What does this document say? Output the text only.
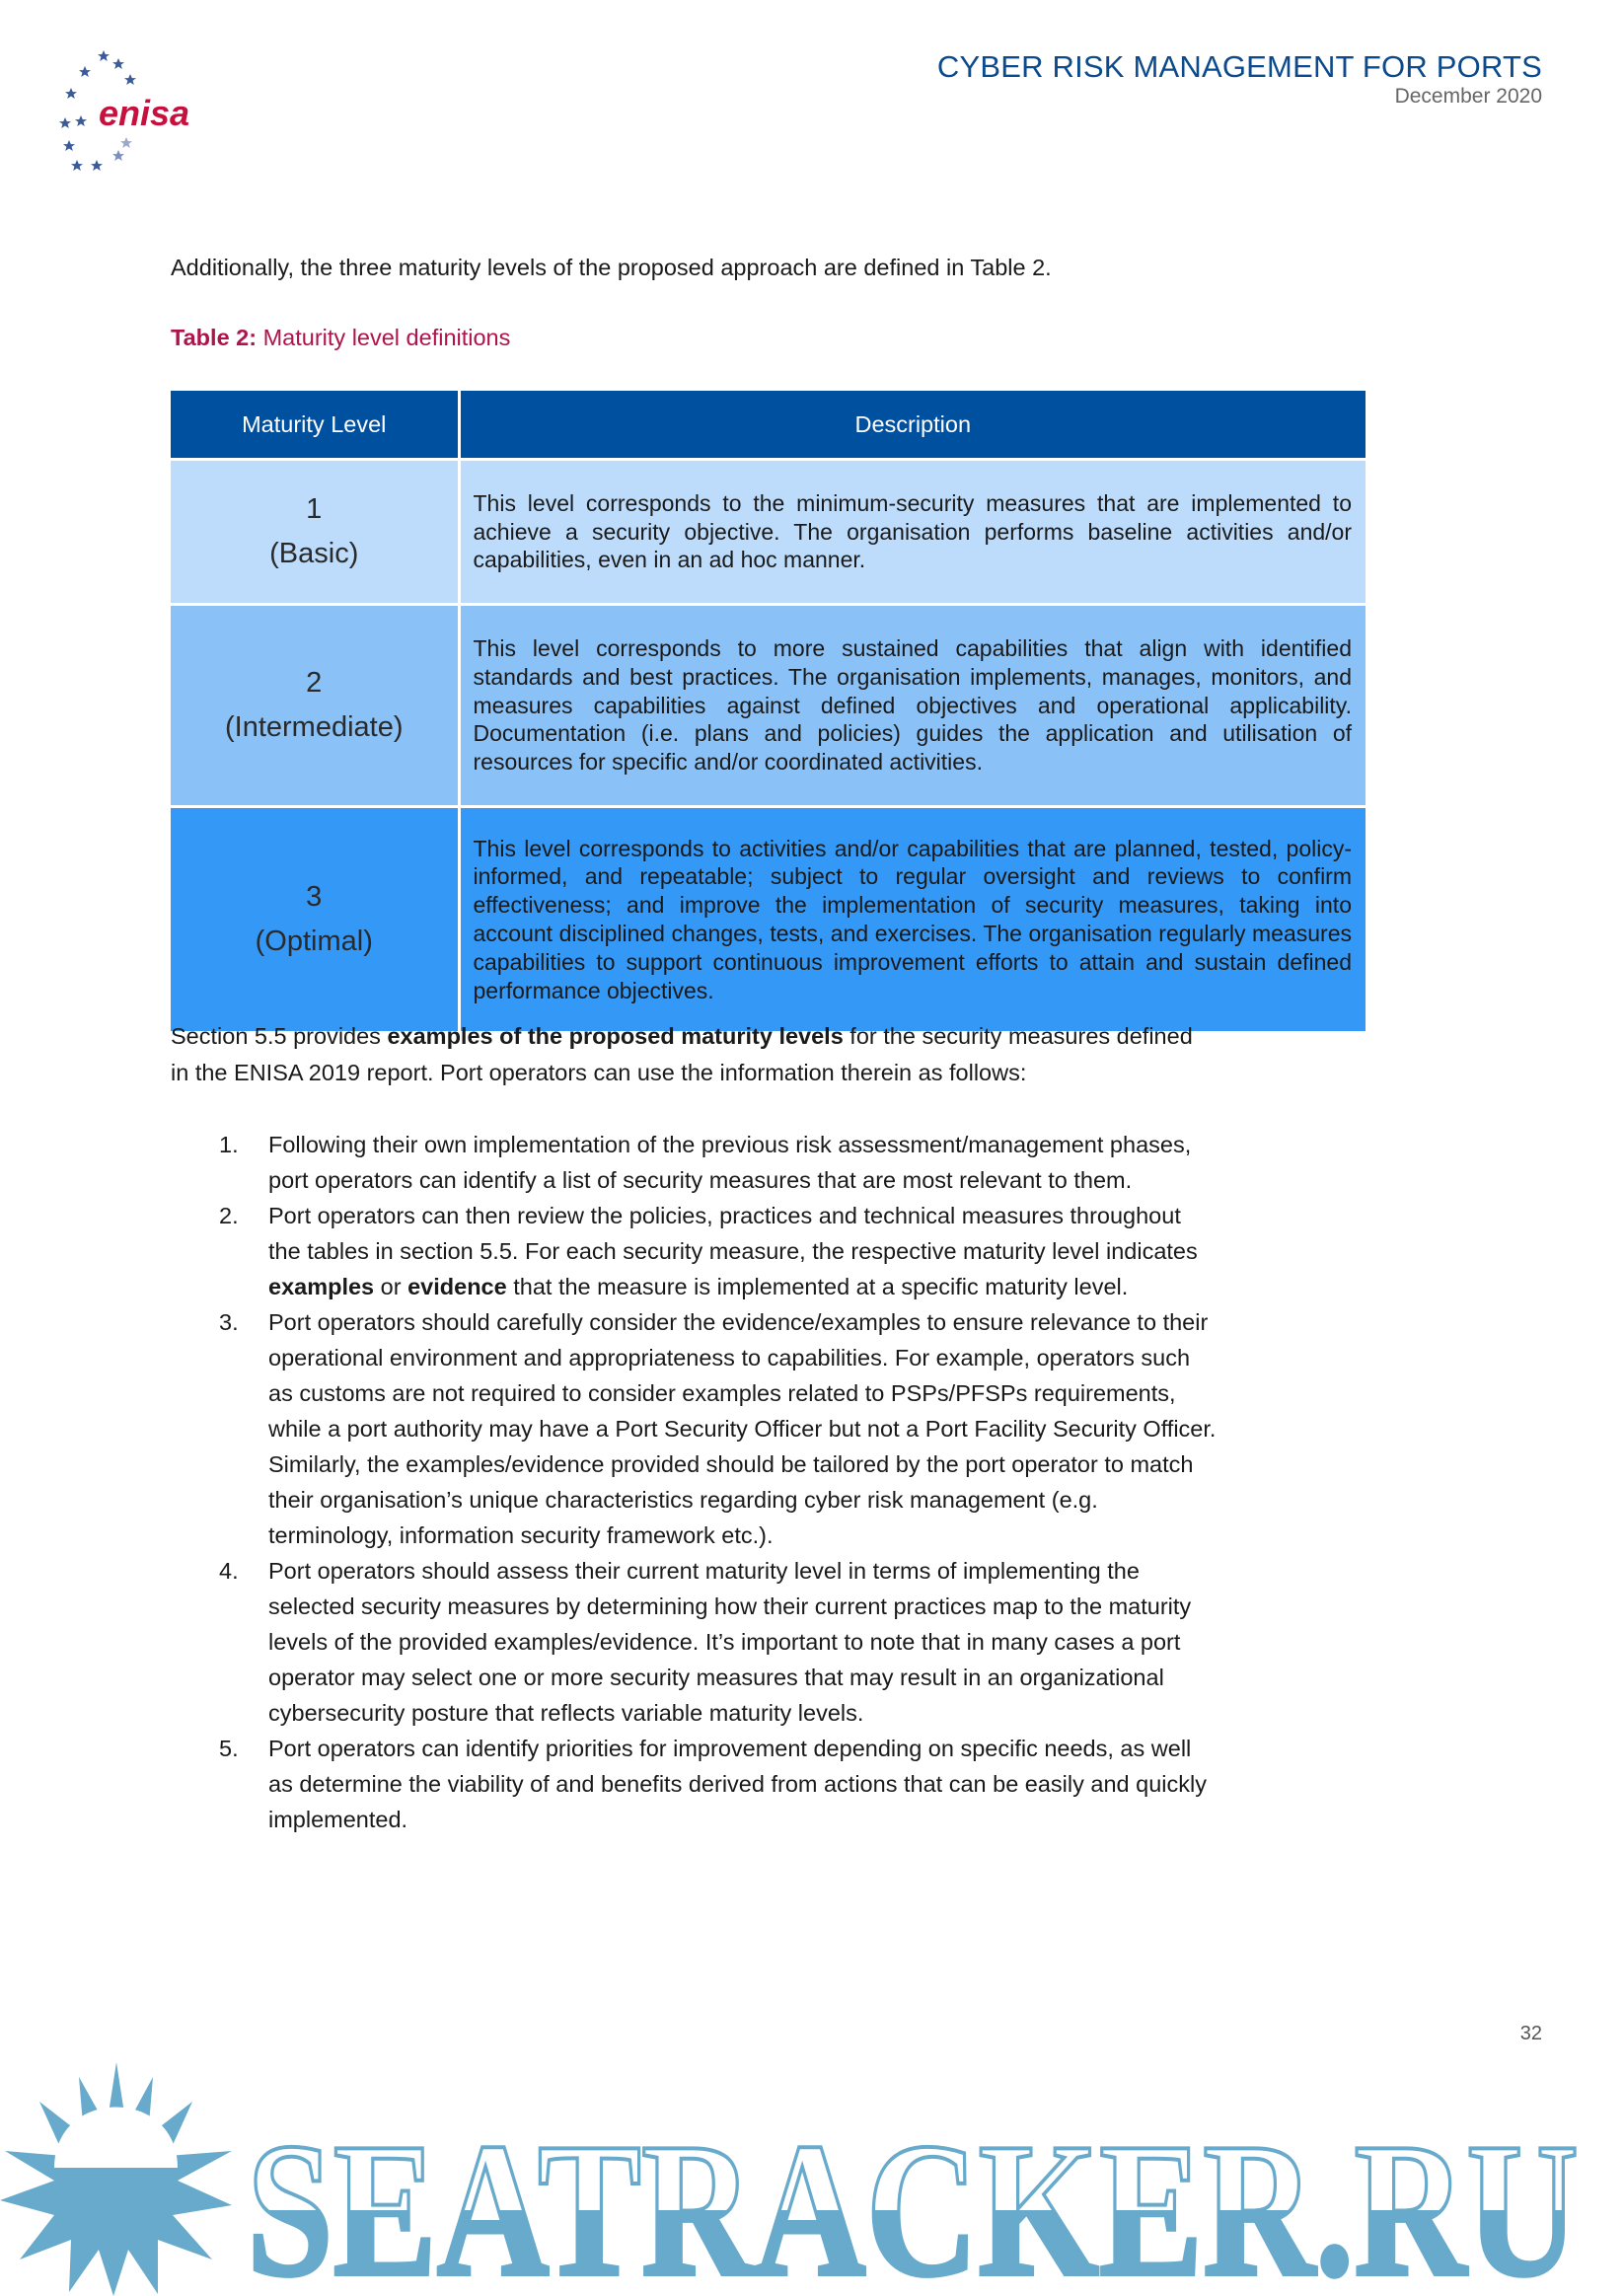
enisa
CYBER RISK MANAGEMENT FOR PORTS
December 2020
Additionally, the three maturity levels of the proposed approach are defined in Table 2.
Table 2: Maturity level definitions
Maturity Level	Description

1
(Basic)	This level corresponds to the minimum-security measures that are implemented to achieve a security objective. The organisation performs baseline activities and/or capabilities, even in an ad hoc manner.

2
(Intermediate)	This level corresponds to more sustained capabilities that align with identified standards and best practices. The organisation implements, manages, monitors, and measures capabilities against defined objectives and operational applicability. Documentation (i.e. plans and policies) guides the application and utilisation of resources for specific and/or coordinated activities.

3
(Optimal)	This level corresponds to activities and/or capabilities that are planned, tested, policy-informed, and repeatable; subject to regular oversight and reviews to confirm effectiveness; and improve the implementation of security measures, taking into account disciplined changes, tests, and exercises. The organisation regularly measures capabilities to support continuous improvement efforts to attain and sustain defined performance objectives.
Section 5.5 provides examples of the proposed maturity levels for the security measures defined in the ENISA 2019 report. Port operators can use the information therein as follows:
1. Following their own implementation of the previous risk assessment/management phases, port operators can identify a list of security measures that are most relevant to them.
2. Port operators can then review the policies, practices and technical measures throughout the tables in section 5.5. For each security measure, the respective maturity level indicates examples or evidence that the measure is implemented at a specific maturity level.
3. Port operators should carefully consider the evidence/examples to ensure relevance to their operational environment and appropriateness to capabilities. For example, operators such as customs are not required to consider examples related to PSPs/PFSPs requirements, while a port authority may have a Port Security Officer but not a Port Facility Security Officer. Similarly, the examples/evidence provided should be tailored by the port operator to match their organisation’s unique characteristics regarding cyber risk management (e.g. terminology, information security framework etc.).
4. Port operators should assess their current maturity level in terms of implementing the selected security measures by determining how their current practices map to the maturity levels of the provided examples/evidence. It’s important to note that in many cases a port operator may select one or more security measures that may result in an organizational cybersecurity posture that reflects variable maturity levels.
5. Port operators can identify priorities for improvement depending on specific needs, as well as determine the viability of and benefits derived from actions that can be easily and quickly implemented.
32
SEATRACKER.RU
